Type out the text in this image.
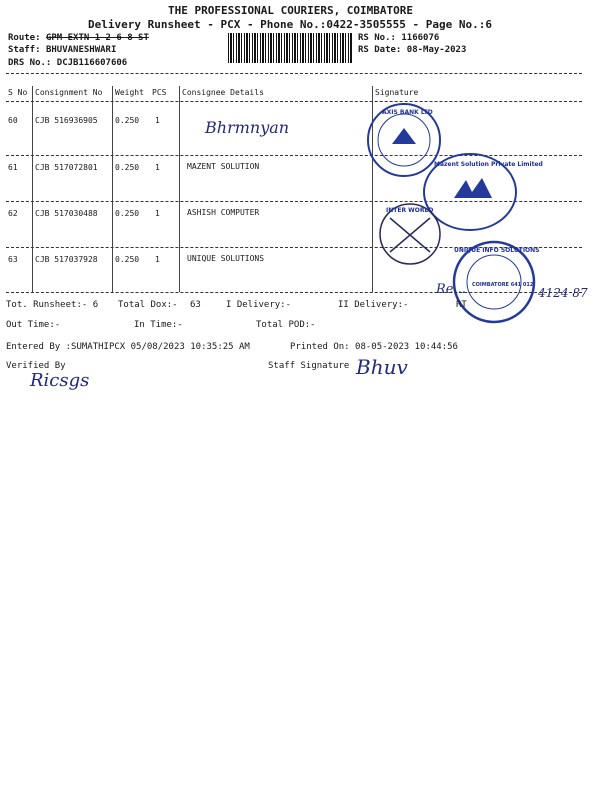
THE PROFESSIONAL COURIERS, COIMBATORE
Delivery Runsheet - PCX - Phone No.:0422-3505555 - Page No.:6
Route: GPM EXTN 1 2 6 8 ST
Staff: BHUVANESHWARI
DRS No.: DCJB116607606
RS No.: 1166076
RS Date: 08-May-2023
S No Consignment No Weight PCS Consignee Details	Signature
60 CJB 516936905 0.250 1	Bhrmnyan
61 CJB 517072801 0.250 1	MAZENT SOLUTION
62 CJB 517030488 0.250 1	ASHISH COMPUTER
63 CJB 517037928 0.250 1	UNIQUE SOLUTIONS
AXIS BANK LTD
Mazent Solution Private Limited
INTER WORLD
COIMBATORE 641 012
UNIQUE INFO SOLUTIONS
Re...	4124 87
Tot. Runsheet:- 6 Total Dox:- 63	I Delivery:-	II Delivery:-	RT
Out Time:-	In Time:-	Total POD:-
Entered By :SUMATHIPCX 05/08/2023 10:35:25 AM	Printed On: 08-05-2023 10:44:56
Verified By	Staff Signature
Ricsgs
Bhuv
